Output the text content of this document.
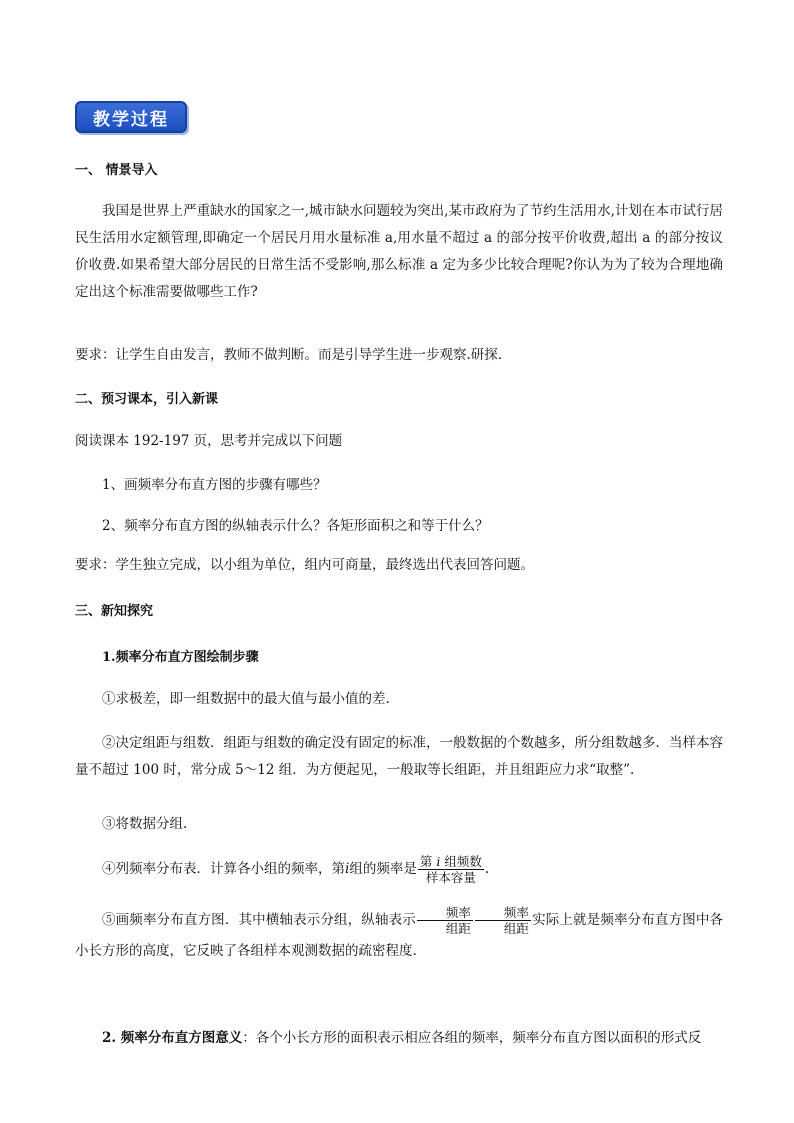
教学过程
一、 情景导入
我国是世界上严重缺水的国家之一,城市缺水问题较为突出,某市政府为了节约生活用水,计划在本市试行居民生活用水定额管理,即确定一个居民月用水量标准 a,用水量不超过 a 的部分按平价收费,超出 a 的部分按议价收费.如果希望大部分居民的日常生活不受影响,那么标准 a 定为多少比较合理呢?你认为为了较为合理地确定出这个标准需要做哪些工作?
要求：让学生自由发言，教师不做判断。而是引导学生进一步观察.研探.
二、预习课本，引入新课
阅读课本 192-197 页，思考并完成以下问题
1、画频率分布直方图的步骤有哪些？
2、频率分布直方图的纵轴表示什么？各矩形面积之和等于什么？
要求：学生独立完成，以小组为单位，组内可商量，最终选出代表回答问题。
三、新知探究
1.频率分布直方图绘制步骤
①求极差，即一组数据中的最大值与最小值的差.
②决定组距与组数．组距与组数的确定没有固定的标准，一般数据的个数越多，所分组数越多．当样本容量不超过 100 时，常分成 5～12 组．为方便起见，一般取等长组距，并且组距应力求“取整”.
③将数据分组.
④列频率分布表．计算各小组的频率，第i组的频率是 $\frac{\text{第 i 组频数}}{\text{样本容量}}$ .
⑤画频率分布直方图．其中横轴表示分组，纵轴表示 $\frac{\text{频率}}{\text{组距}} \frac{\text{频率}}{\text{组距}}$ 实际上就是频率分布直方图中各小长方形的高度，它反映了各组样本观测数据的疏密程度.
2. 频率分布直方图意义：各个小长方形的面积表示相应各组的频率，频率分布直方图以面积的形式反
